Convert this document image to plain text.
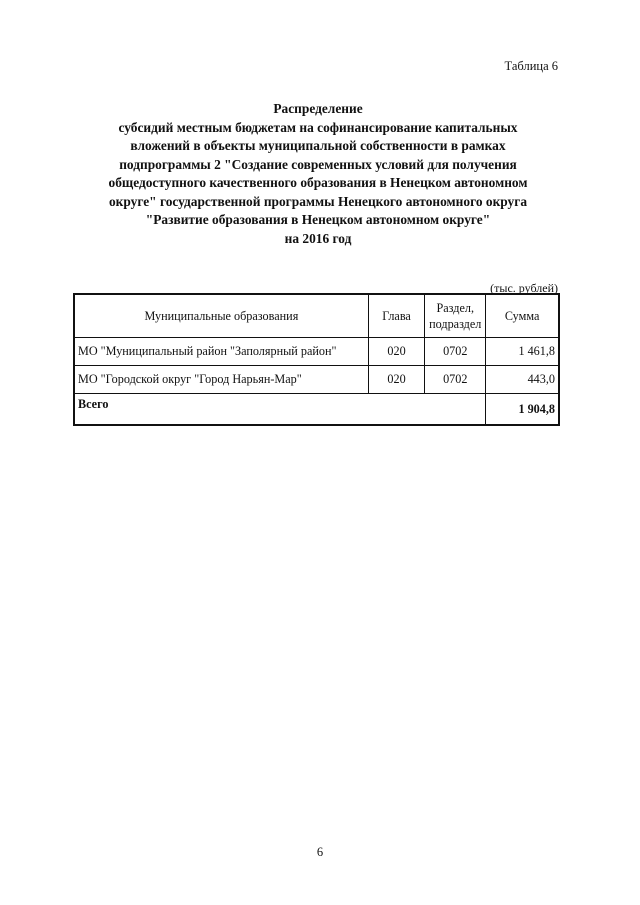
Таблица 6
Распределение
субсидий местным бюджетам на софинансирование капитальных
вложений в объекты муниципальной собственности в рамках
подпрограммы 2 "Создание современных условий для получения
общедоступного качественного образования в Ненецком автономном
округе" государственной программы Ненецкого автономного округа
"Развитие образования в Ненецком автономном округе"
на 2016 год
(тыс. рублей)
Муниципальные образования	Глава	Раздел, подраздел	Сумма
МО "Муниципальный район "Заполярный район"	020	0702	1 461,8
МО "Городской округ "Город Нарьян-Мар"	020	0702	443,0
Всего			1 904,8
6
